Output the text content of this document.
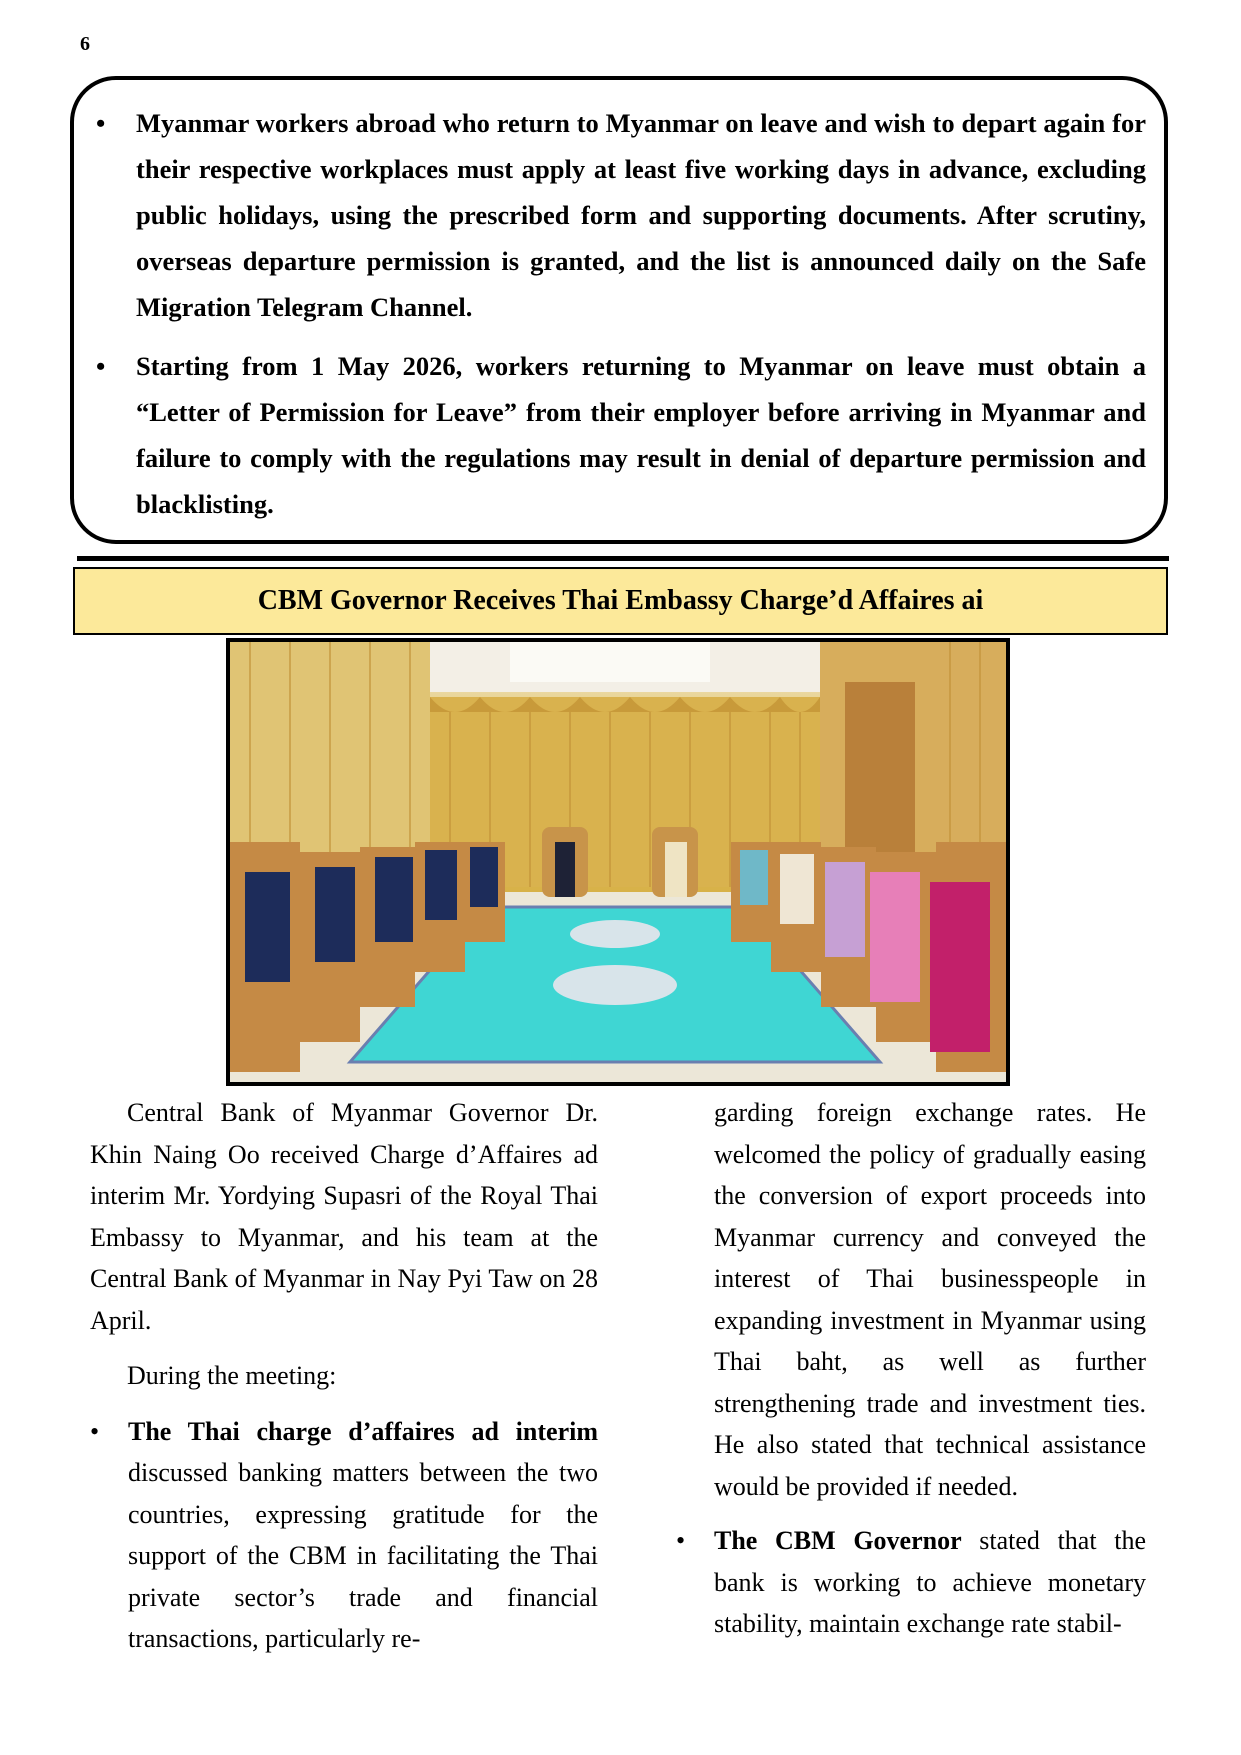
6
• Myanmar workers abroad who return to Myanmar on leave and wish to depart again for their respective workplaces must apply at least five working days in advance, excluding public holidays, using the prescribed form and supporting documents. After scrutiny, overseas departure permission is granted, and the list is announced daily on the Safe Migration Telegram Channel.
• Starting from 1 May 2026, workers returning to Myanmar on leave must obtain a “Letter of Permission for Leave” from their employer before arriving in Myanmar and failure to comply with the regulations may result in denial of departure permission and blacklisting.
CBM Governor Receives Thai Embassy Charge’d Affaires ai

Central Bank of Myanmar Governor Dr. Khin Naing Oo received Charge d’Affaires ad interim Mr. Yordying Supasri of the Royal Thai Embassy to Myanmar, and his team at the Central Bank of Myanmar in Nay Pyi Taw on 28 April.

During the meeting:

• The Thai charge d’affaires ad interim discussed banking matters between the two countries, expressing gratitude for the support of the CBM in facilitating the Thai private sector’s trade and financial transactions, particularly re-
garding foreign exchange rates. He welcomed the policy of gradually easing the conversion of export proceeds into Myanmar currency and conveyed the interest of Thai businesspeople in expanding investment in Myanmar using Thai baht, as well as further strengthening trade and investment ties. He also stated that technical assistance would be provided if needed.
• The CBM Governor stated that the bank is working to achieve monetary stability, maintain exchange rate stabil-
